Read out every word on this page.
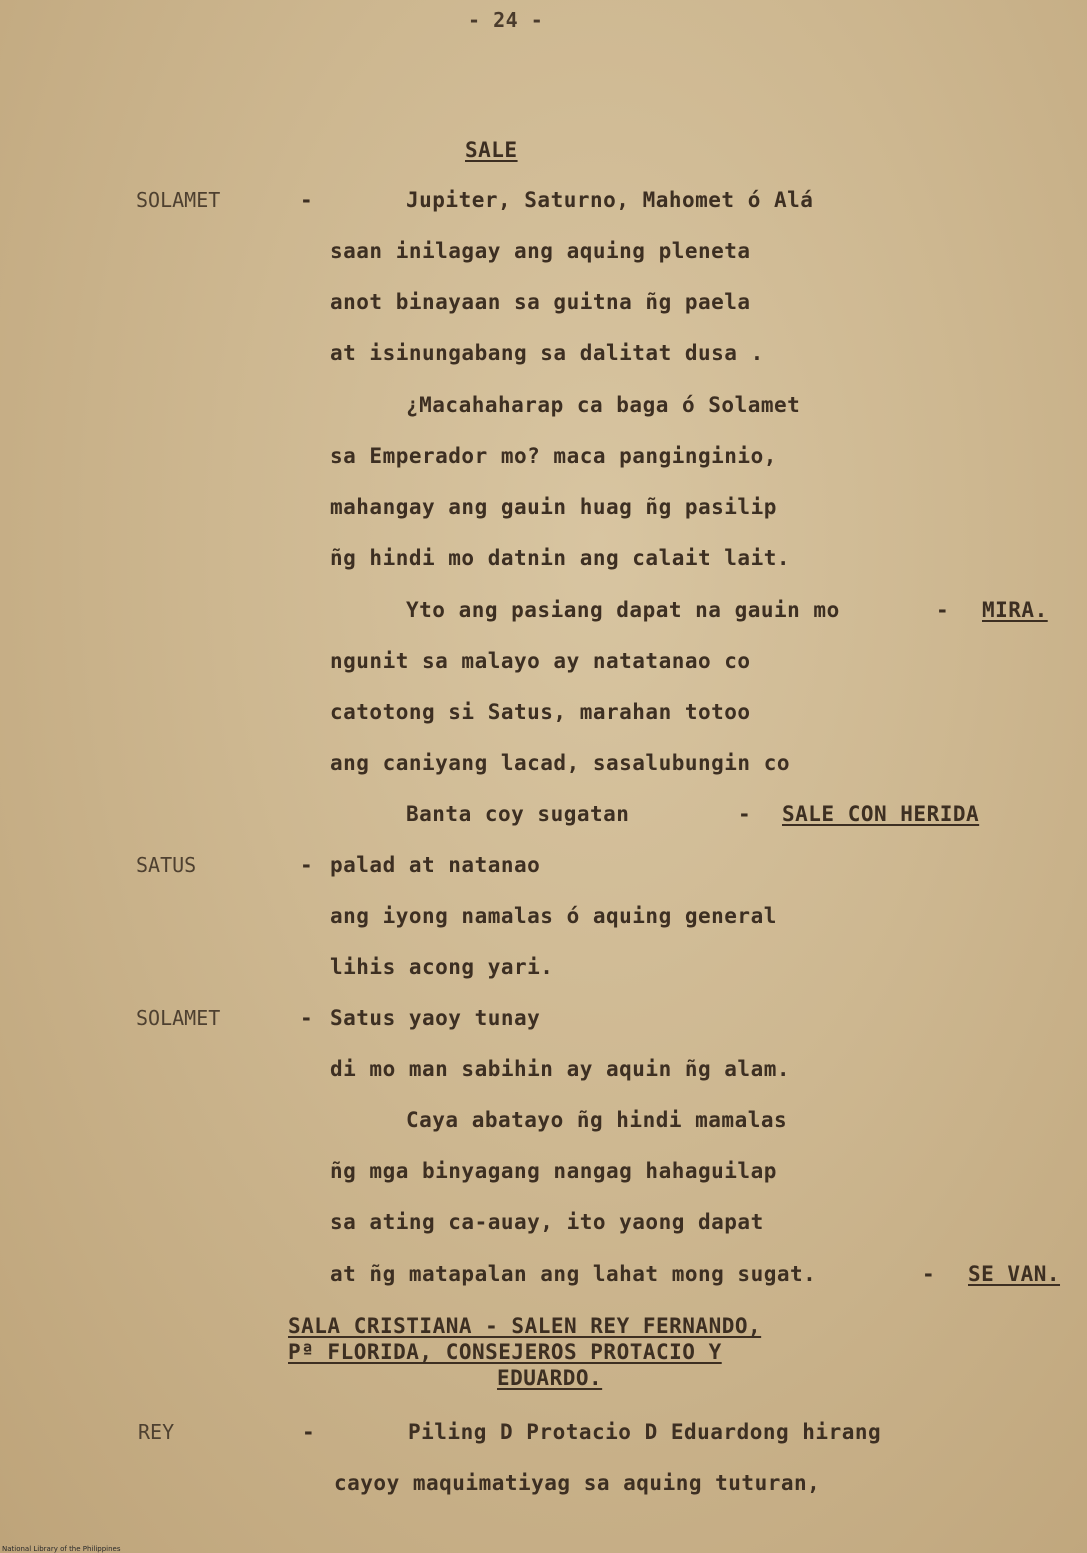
- 24 -
SALE
SOLAMET	-	Jupiter, Saturno, Mahomet ó Alá
saan inilagay ang aquing pleneta
anot binayaan sa guitna ñg paela
at isinungabang sa dalitat dusa .
¿Macahaharap ca baga ó Solamet
sa Emperador mo? maca panginginio,
mahangay ang gauin huag ñg pasilip
ñg hindi mo datnin ang calait lait.
Yto ang pasiang dapat na gauin mo	- MIRA.
ngunit sa malayo ay natatanao co
catotong si Satus, marahan totoo
ang caniyang lacad, sasalubungin co
Banta coy sugatan	- SALE CON HERIDA
SATUS	- palad at natanao
ang iyong namalas ó aquing general
lihis acong yari.
SOLAMET	- Satus yaoy tunay
di mo man sabihin ay aquin ñg alam.
Caya abatayo ñg hindi mamalas
ñg mga binyagang nangag hahaguilap
sa ating ca-auay, ito yaong dapat
at ñg matapalan ang lahat mong sugat.	- SE VAN.
SALA CRISTIANA - SALEN REY FERNANDO,
Pª FLORIDA, CONSEJEROS PROTACIO Y
EDUARDO.
REY	-	Piling D Protacio D Eduardong hirang
cayoy maquimatiyag sa aquing tuturan,
National Library of the Philippines
